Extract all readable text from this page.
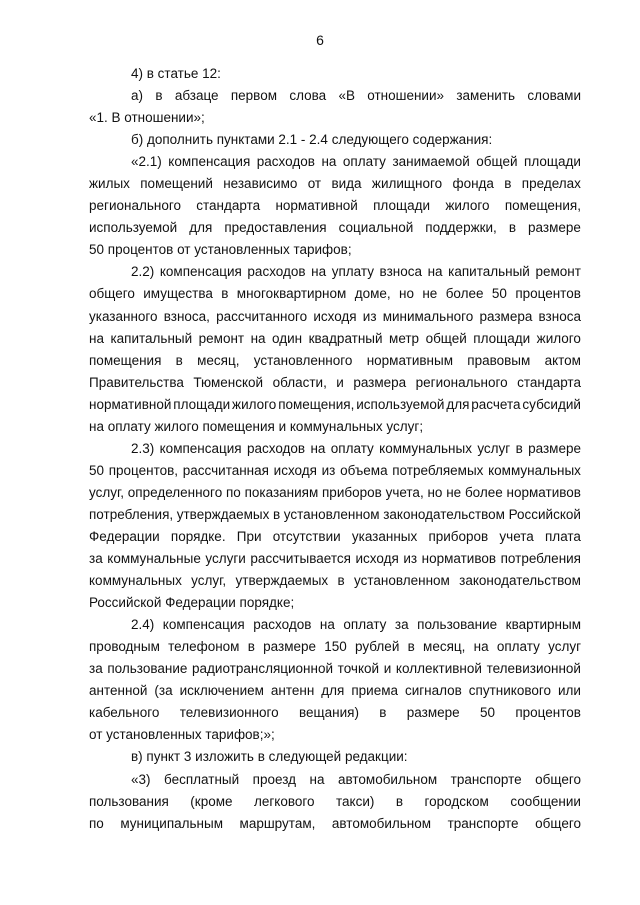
6
4) в статье 12:
а) в абзаце первом слова «В отношении» заменить словами
«1. В отношении»;
б) дополнить пунктами 2.1 - 2.4 следующего содержания:
«2.1) компенсация расходов на оплату занимаемой общей площади
жилых помещений независимо от вида жилищного фонда в пределах
регионального стандарта нормативной площади жилого помещения,
используемой для предоставления социальной поддержки, в размере
50 процентов от установленных тарифов;
2.2) компенсация расходов на уплату взноса на капитальный ремонт
общего имущества в многоквартирном доме, но не более 50 процентов
указанного взноса, рассчитанного исходя из минимального размера взноса
на капитальный ремонт на один квадратный метр общей площади жилого
помещения в месяц, установленного нормативным правовым актом
Правительства Тюменской области, и размера регионального стандарта
нормативной площади жилого помещения, используемой для расчета субсидий
на оплату жилого помещения и коммунальных услуг;
2.3) компенсация расходов на оплату коммунальных услуг в размере
50 процентов, рассчитанная исходя из объема потребляемых коммунальных
услуг, определенного по показаниям приборов учета, но не более нормативов
потребления, утверждаемых в установленном законодательством Российской
Федерации порядке. При отсутствии указанных приборов учета плата
за коммунальные услуги рассчитывается исходя из нормативов потребления
коммунальных услуг, утверждаемых в установленном законодательством
Российской Федерации порядке;
2.4) компенсация расходов на оплату за пользование квартирным
проводным телефоном в размере 150 рублей в месяц, на оплату услуг
за пользование радиотрансляционной точкой и коллективной телевизионной
антенной (за исключением антенн для приема сигналов спутникового или
кабельного телевизионного вещания) в размере 50 процентов
от установленных тарифов;»;
в) пункт 3 изложить в следующей редакции:
«3) бесплатный проезд на автомобильном транспорте общего
пользования (кроме легкового такси) в городском сообщении
по муниципальным маршрутам, автомобильном транспорте общего
